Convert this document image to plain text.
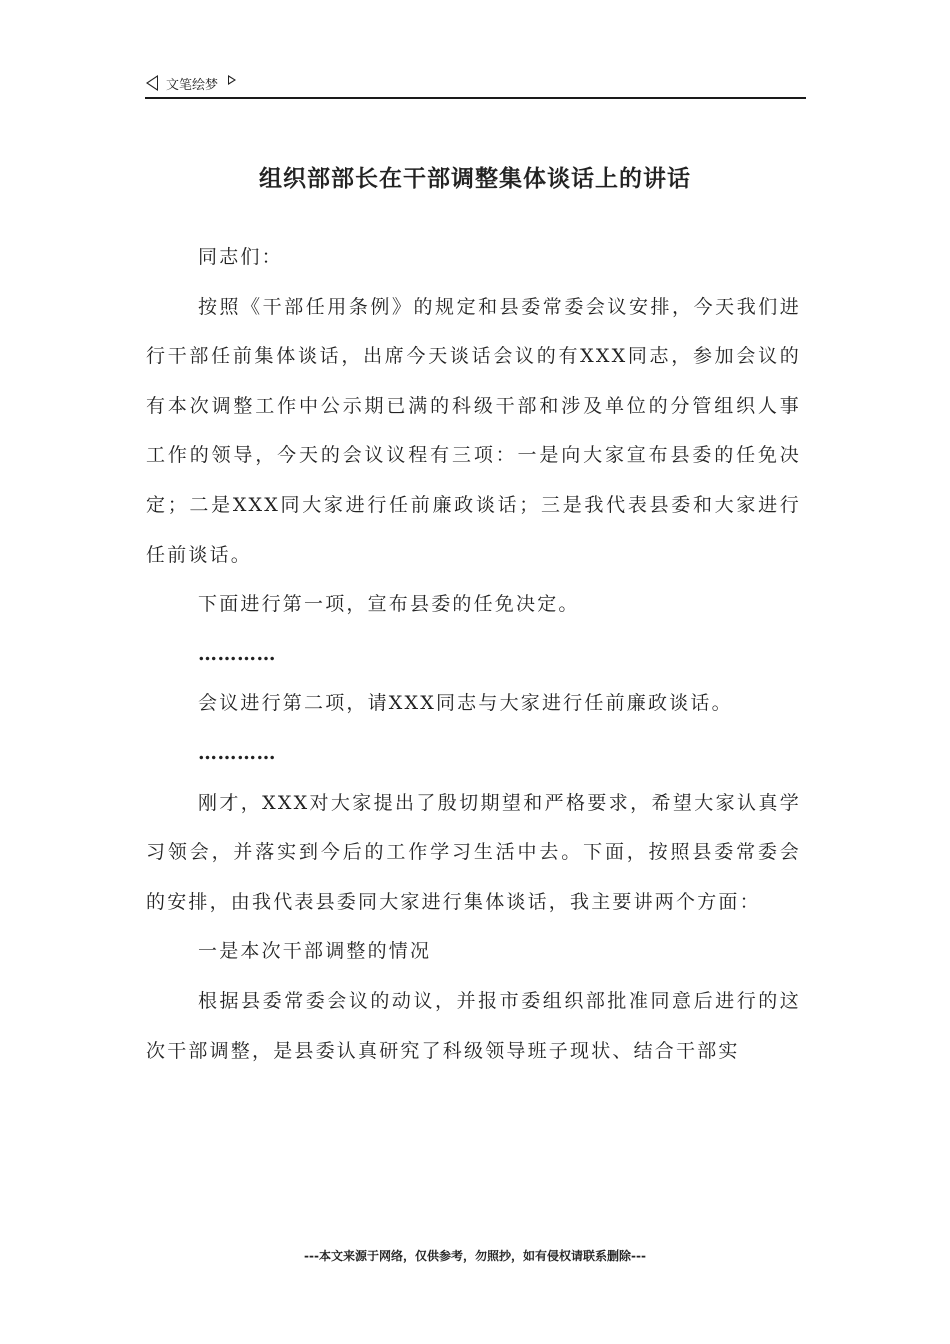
文笔绘梦
组织部部长在干部调整集体谈话上的讲话

同志们：

按照《干部任用条例》的规定和县委常委会议安排，今天我们进行干部任前集体谈话，出席今天谈话会议的有XXX同志，参加会议的有本次调整工作中公示期已满的科级干部和涉及单位的分管组织人事工作的领导，今天的会议议程有三项：一是向大家宣布县委的任免决定；二是XXX同大家进行任前廉政谈话；三是我代表县委和大家进行任前谈话。

下面进行第一项，宣布县委的任免决定。

…………

会议进行第二项，请XXX同志与大家进行任前廉政谈话。

…………

刚才，XXX对大家提出了殷切期望和严格要求，希望大家认真学习领会，并落实到今后的工作学习生活中去。下面，按照县委常委会的安排，由我代表县委同大家进行集体谈话，我主要讲两个方面：

一是本次干部调整的情况

根据县委常委会议的动议，并报市委组织部批准同意后进行的这次干部调整，是县委认真研究了科级领导班子现状、结合干部实

---本文来源于网络，仅供参考，勿照抄，如有侵权请联系删除---
